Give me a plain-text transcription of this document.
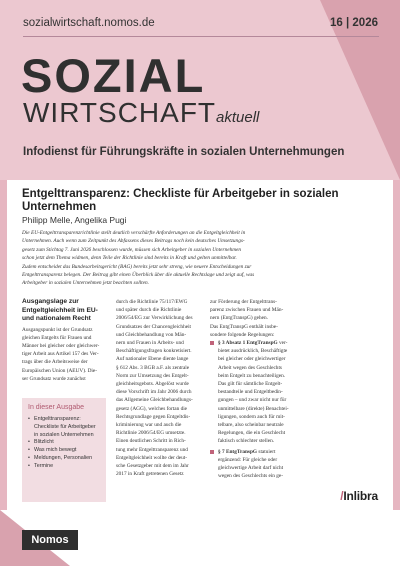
sozialwirtschaft.nomos.de	16 | 2026
SOZIAL
WIRTSCHAFTaktuell
Infodienst für Führungskräfte in sozialen Unternehmungen
Entgelttransparenz: Checkliste für Arbeitgeber in sozialen Unternehmen
Philipp Melle, Angelika Pugi

Die EU-Entgelttransparenzrichtlinie stellt deutlich verschärfte Anforderungen an die Entgeltgleichheit in

Unternehmen. Auch wenn zum Zeitpunkt des Abfassens dieses Beitrags noch kein deutsches Umsetzungs-

gesetz zum Stichtag 7. Juni 2026 beschlossen wurde, müssen sich Arbeitgeber in sozialen Unternehmen

schon jetzt dem Thema widmen, denn Teile der Richtlinie sind bereits in Kraft und gelten unmittelbar.

Zudem entscheidet das Bundesarbeitsgericht (BAG) bereits jetzt sehr streng, wie neuere Entscheidungen zur

Entgelttransparenz belegen. Der Beitrag gibt einen Überblick über die aktuelle Rechtslage und zeigt auf, was

Arbeitgeber in sozialen Unternehmen jetzt beachten sollten.

Ausgangslage zur Entgeltgleichheit im EU- und nationalem Recht

Ausgangspunkt ist der Grundsatz

gleichen Entgelts für Frauen und

Männer bei gleicher oder gleichwer-

tiger Arbeit aus Artikel 157 des Ver-

trags über die Arbeitsweise der

Europäischen Union (AEUV). Die-

ser Grundsatz wurde zunächst

In dieser Ausgabe
• Entgelttransparenz: Checkliste für Arbeitgeber in sozialen Unternehmen
• Blitzlicht
• Was mich bewegt
• Meldungen, Personalien
• Termine

durch die Richtlinie 75/117/EWG

und später durch die Richtlinie

2006/54/EG zur Verwirklichung des

Grundsatzes der Chancengleichheit

und Gleichbehandlung von Män-

nern und Frauen in Arbeits- und

Beschäftigungsfragen konkretisiert.

Auf nationaler Ebene diente lange

§ 612 Abs. 3 BGB a.F. als zentrale

Norm zur Umsetzung des Entgelt-

gleichheitsgebots. Abgelöst wurde

diese Vorschrift im Jahr 2006 durch

das Allgemeine Gleichbehandlungs-

gesetz (AGG), welches fortan die

Rechtsgrundlage gegen Entgeltdis-

kriminierung war und auch die

Richtlinie 2006/54/EG umsetzte.

Einen deutlichen Schritt in Rich-

tung mehr Entgelttransparenz und

Entgeltgleichheit wollte der deut-

sche Gesetzgeber mit dem im Jahr

2017 in Kraft getretenen Gesetz

zur Förderung der Entgelttrans-

parenz zwischen Frauen und Män-

nern (EntgTranspG) gehen.

Das EntgTranspG enthält insbe-

sondere folgende Regelungen:

§ 3 Absatz 1 EntgTranspG ver-

bietet ausdrücklich, Beschäftigte

bei gleicher oder gleichwertiger

Arbeit wegen des Geschlechts

beim Entgelt zu benachteiligen.

Das gilt für sämtliche Entgelt-

bestandteile und Entgeltbedin-

gungen – und zwar nicht nur für

unmittelbare (direkte) Benachtei-

ligungen, sondern auch für mit-

telbare, also scheinbar neutrale

Regelungen, die ein Geschlecht

faktisch schlechter stellen.

§ 7 EntgTranspG statuiert

ergänzend: Für gleiche oder

gleichwertige Arbeit darf nicht

wegen des Geschlechts ein ge-

/Inlibra
Nomos
